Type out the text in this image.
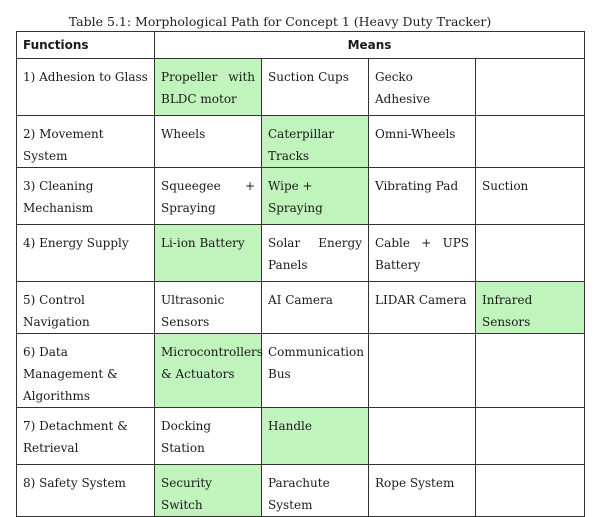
Table 5.1: Morphological Path for Concept 1 (Heavy Duty Tracker)
Functions	Means			
1) Adhesion to Glass	Propeller with BLDC motor	Suction Cups	Gecko Adhesive	
2) Movement System	Wheels	Caterpillar Tracks	Omni-Wheels	
3) Cleaning Mechanism	Squeegee + Spraying	Wipe + Spraying	Vibrating Pad	Suction
4) Energy Supply	Li-ion Battery	Solar Energy Panels	Cable + UPS Battery	
5) Control Navigation	Ultrasonic Sensors	AI Camera	LIDAR Camera	Infrared Sensors
6) Data Management & Algorithms	Microcontrollers & Actuators	Communication Bus		
7) Detachment & Retrieval	Docking Station	Handle		
8) Safety System	Security Switch	Parachute System	Rope System	
